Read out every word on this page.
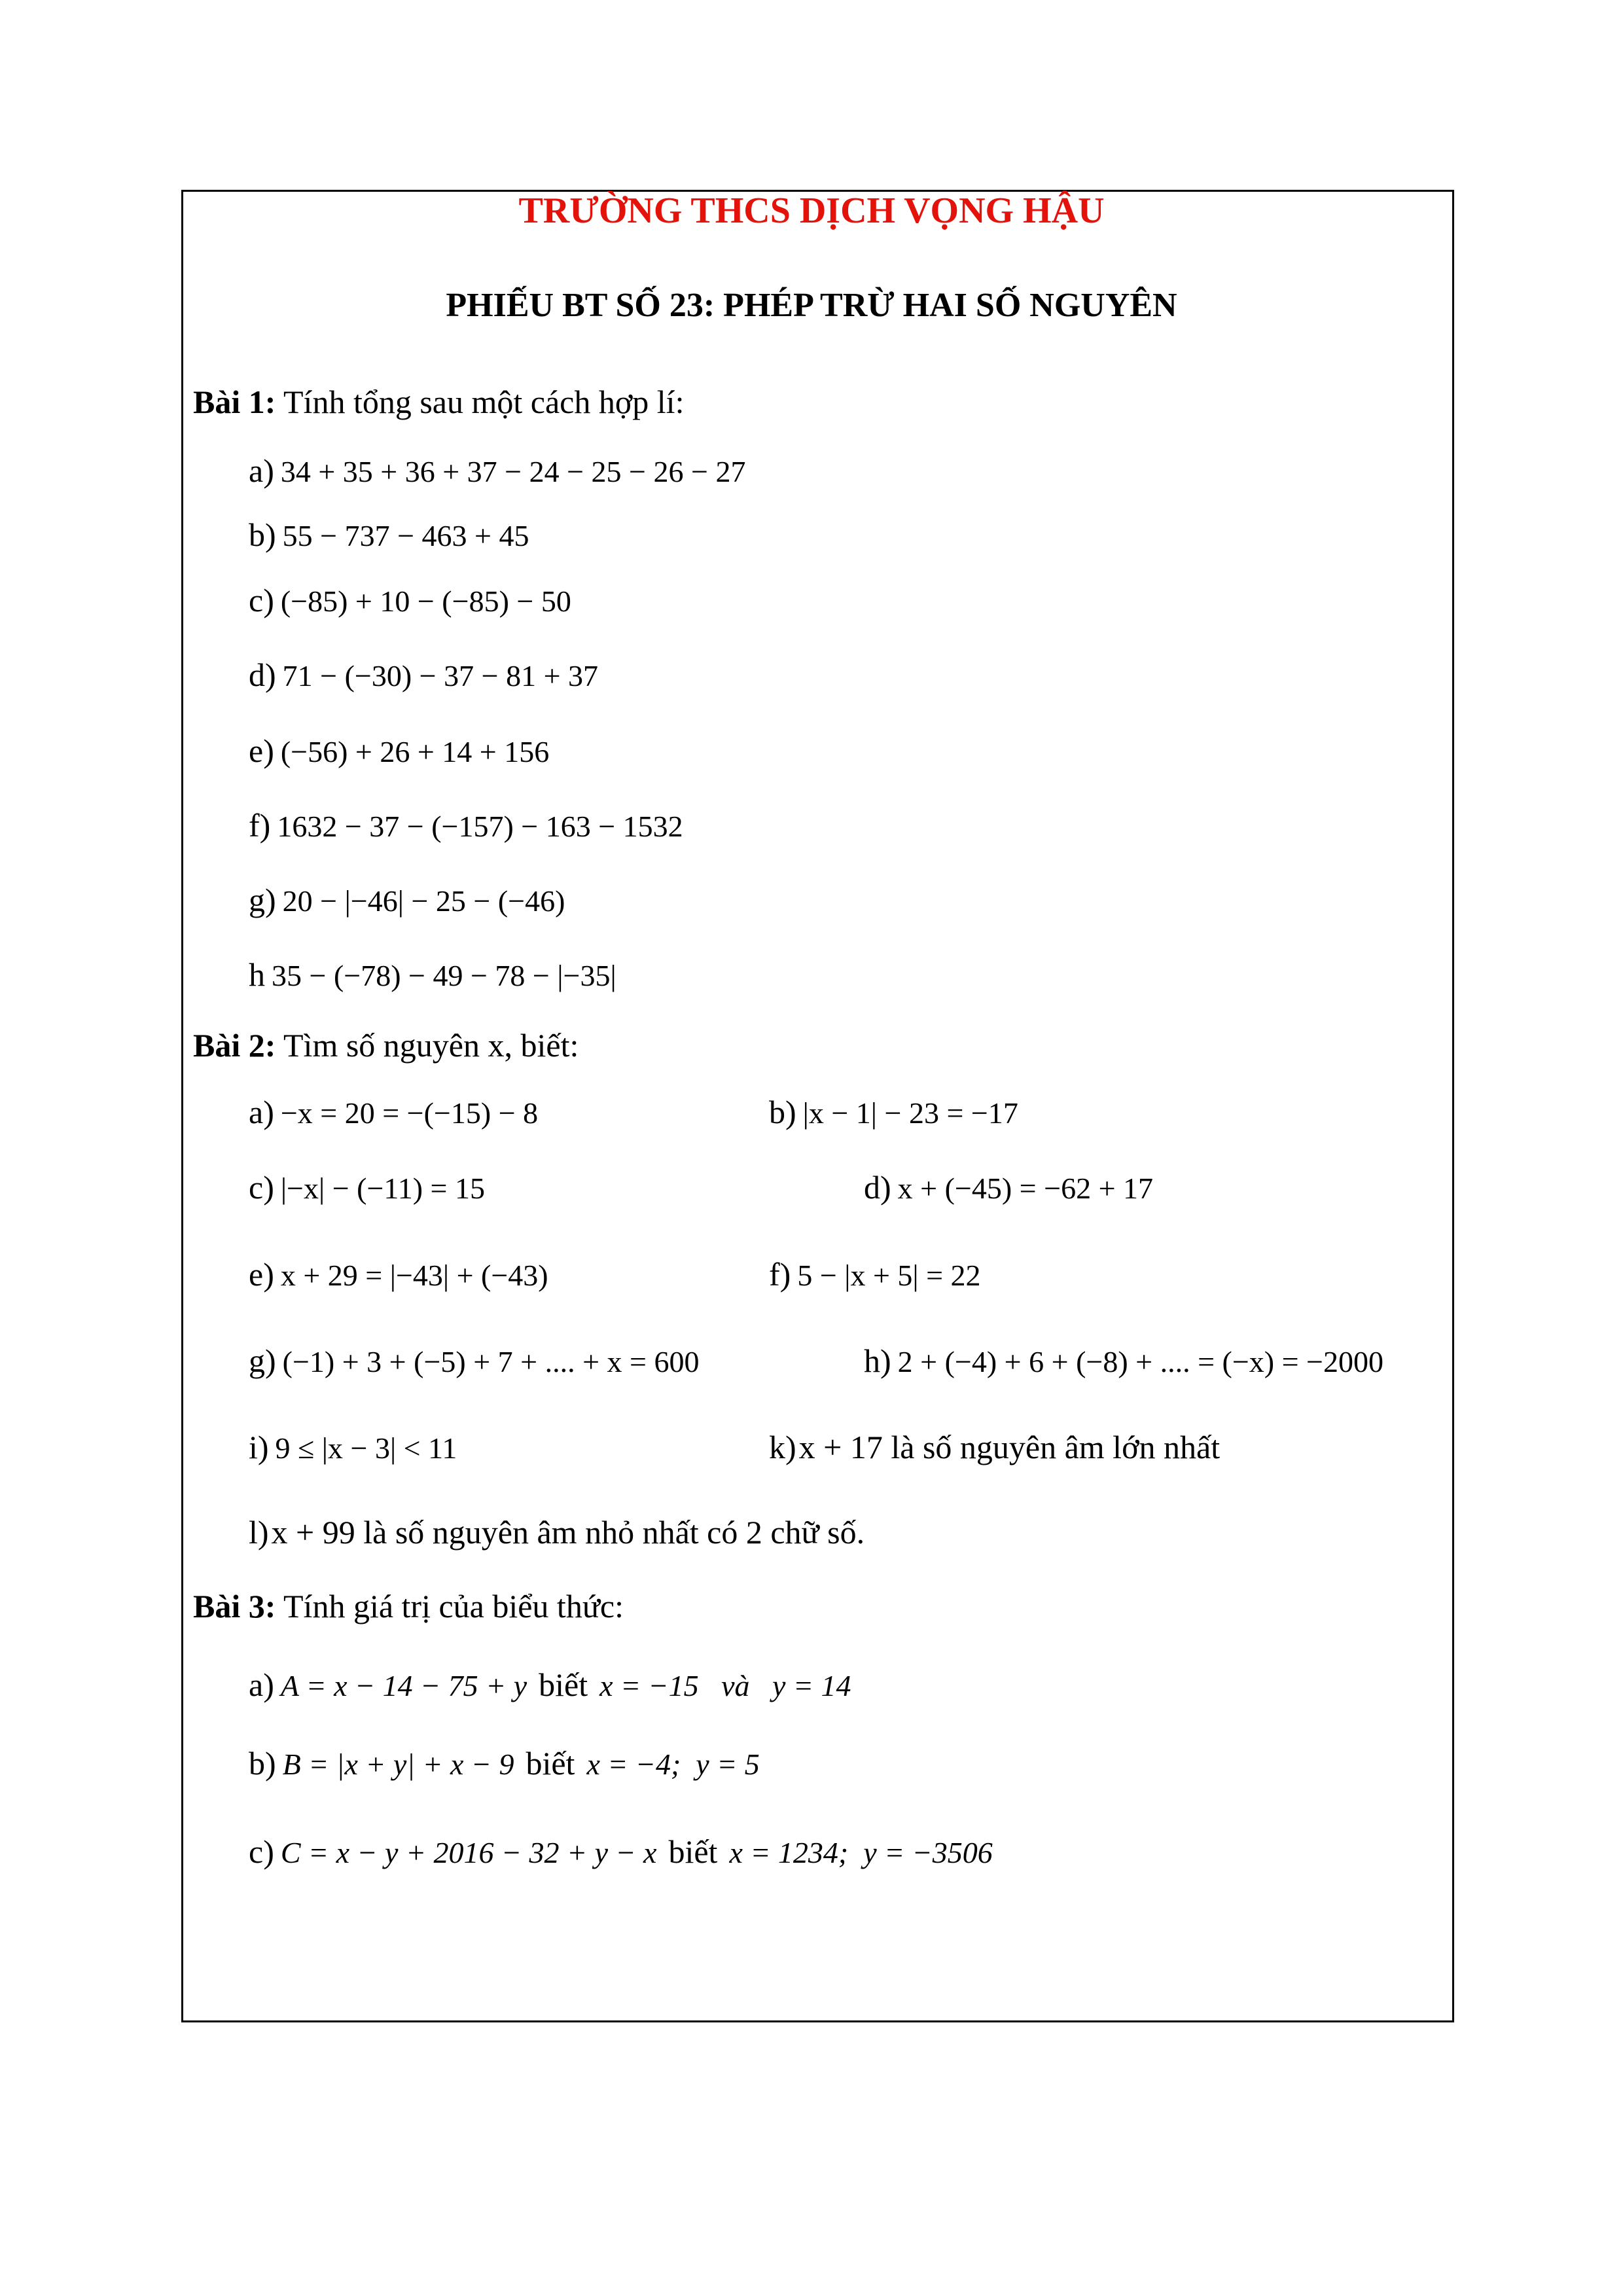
TRƯỜNG THCS DỊCH VỌNG HẬU
PHIẾU BT SỐ 23: PHÉP TRỪ HAI SỐ NGUYÊN
Bài 1: Tính tổng sau một cách hợp lí:
a) 34 + 35 + 36 + 37 − 24 − 25 − 26 − 27
b) 55 − 737 − 463 + 45
c) (−85) + 10 − (−85) − 50
d) 71 − (−30) − 37 − 81 + 37
e) (−56) + 26 + 14 + 156
f) 1632 − 37 − (−157) − 163 − 1532
g) 20 − |−46| − 25 − (−46)
h 35 − (−78) − 49 − 78 − |−35|
Bài 2: Tìm số nguyên x, biết:
a) −x = 20 = −(−15) − 8	b) |x − 1| − 23 = −17
c) |−x| − (−11) = 15	d) x + (−45) = −62 + 17
e) x + 29 = |−43| + (−43)	f) 5 − |x + 5| = 22
g) (−1) + 3 + (−5) + 7 + .... + x = 600	h) 2 + (−4) + 6 + (−8) + .... = (−x) = −2000
i) 9 ≤ |x − 3| < 11	k) x + 17 là số nguyên âm lớn nhất
l) x + 99 là số nguyên âm nhỏ nhất có 2 chữ số.
Bài 3: Tính giá trị của biểu thức:
a) A = x − 14 − 75 + y biết x = −15   và   y = 14
b) B = |x + y| + x − 9 biết x = −4;  y = 5
c) C = x − y + 2016 − 32 + y − x biết x = 1234;  y = −3506
